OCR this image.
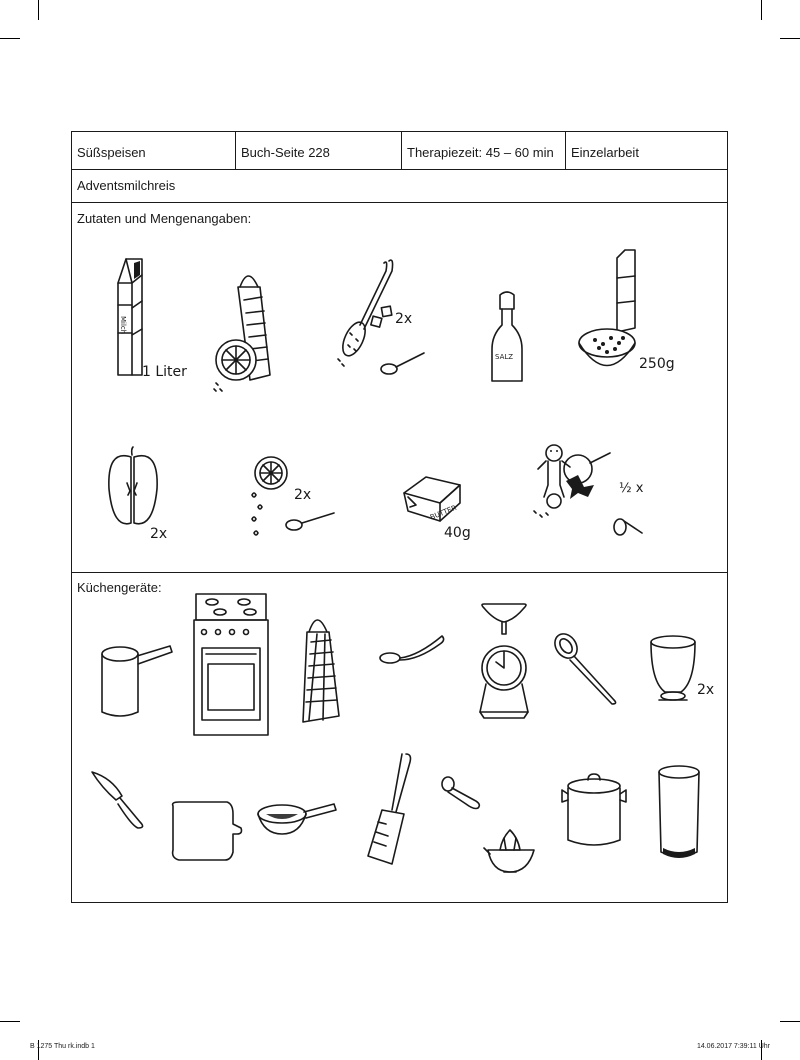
Süßspeisen	Buch-Seite 228	Therapiezeit: 45 – 60 min	Einzelarbeit
Adventsmilchreis
Zutaten und Mengenangaben:
Milch
1 Liter
2x
SALZ	250g
2x
2x
BUTTER
40g
½ x
Küchengeräte:
2x
B 1275 Thu rk.indb 1	14.06.2017 7:39:11 Uhr
